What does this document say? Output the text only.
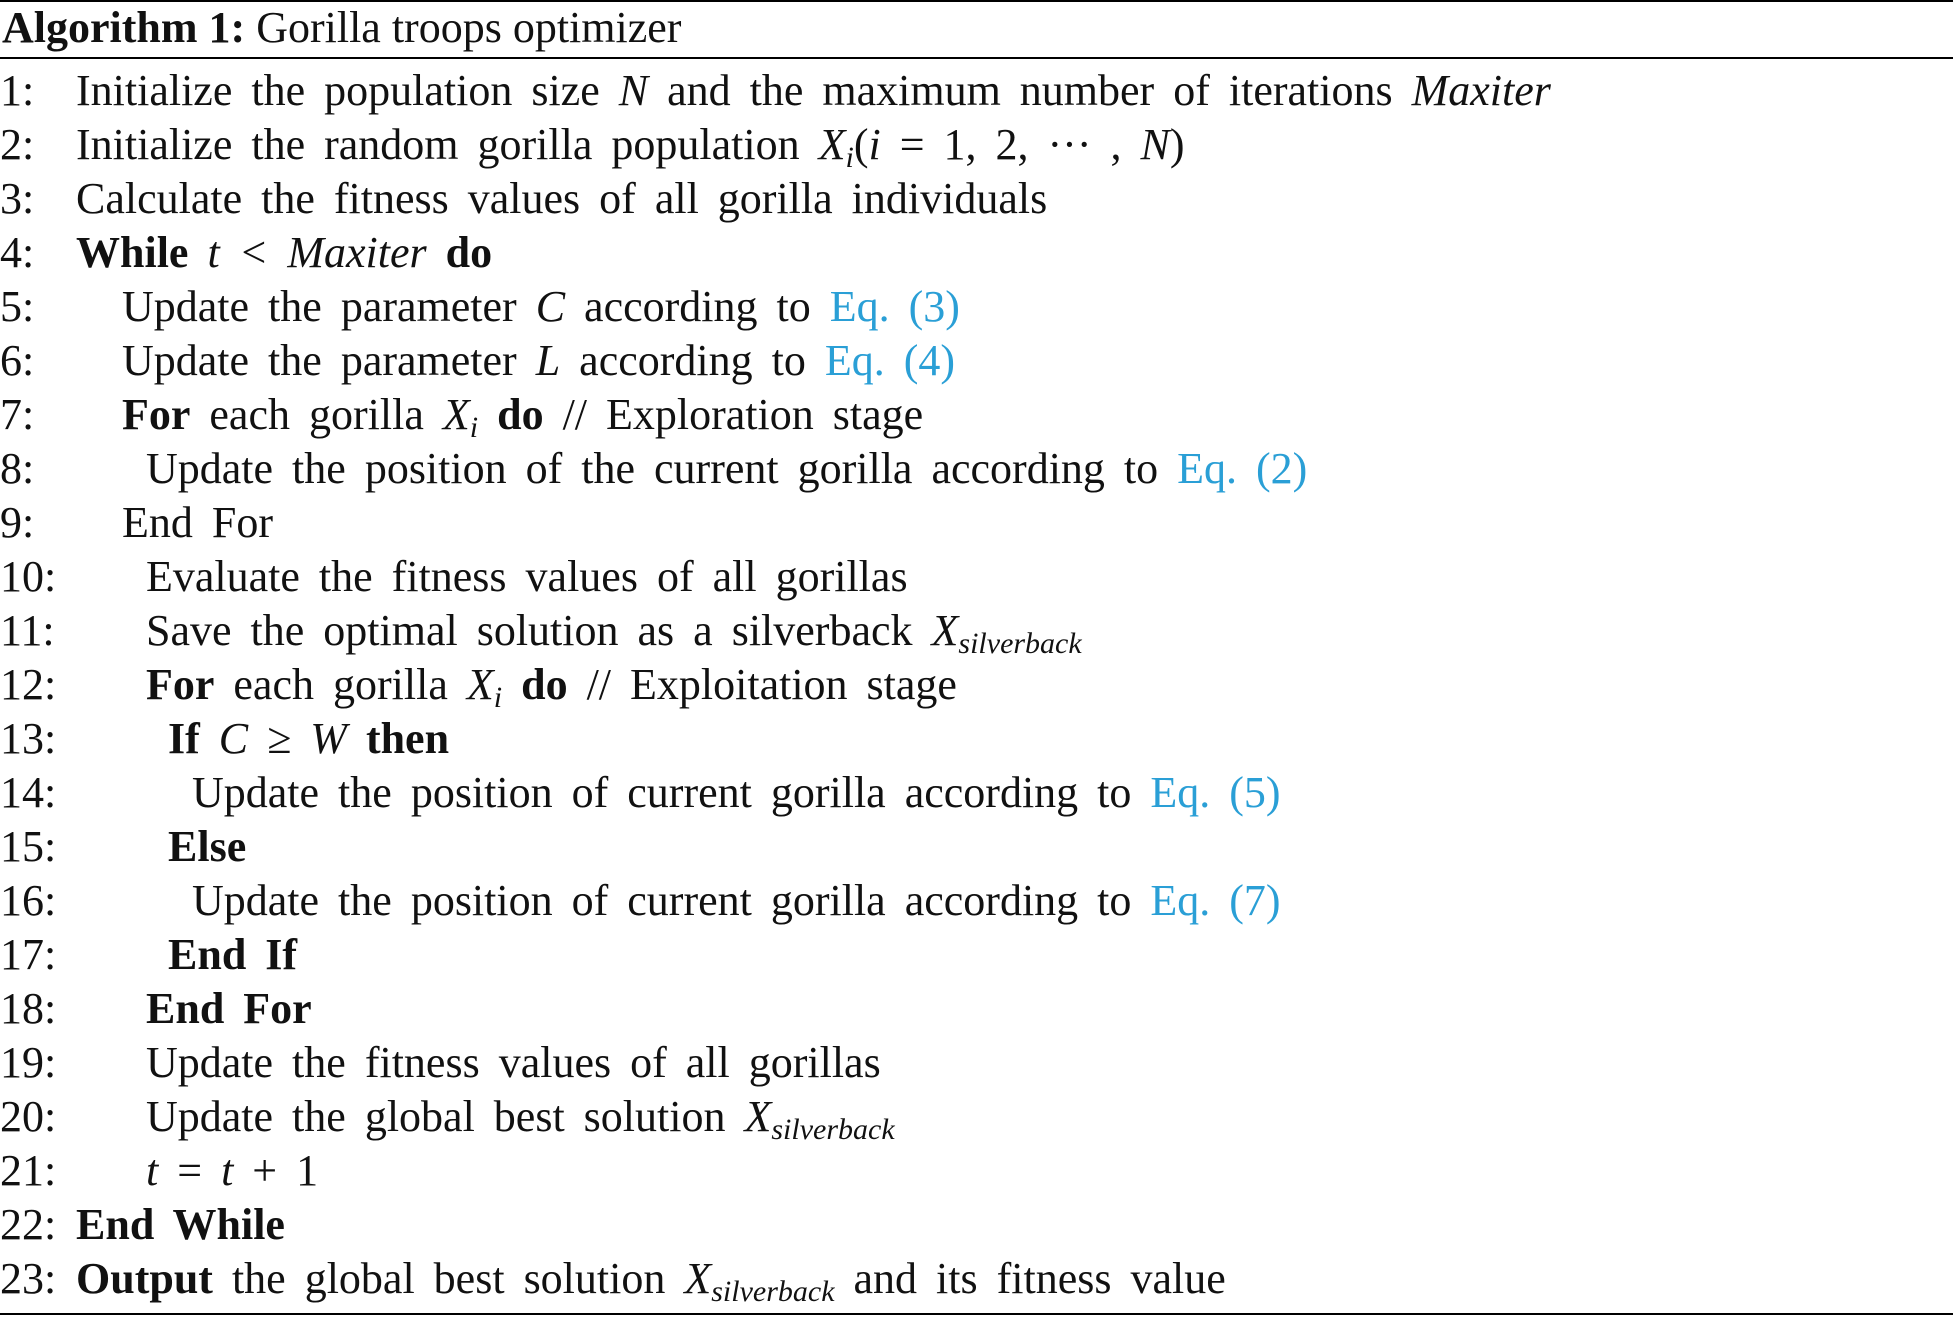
Algorithm 1: Gorilla troops optimizer
1: Initialize the population size N and the maximum number of iterations Maxiter
2: Initialize the random gorilla population $X_i(i = 1$, 2, ··· , N)
3: Calculate the fitness values of all gorilla individuals
4: While t < Maxiter do
5: Update the parameter C according to Eq. (3)
6: Update the parameter L according to Eq. (4)
7: For each gorilla $X_i$ do // Exploration stage
8:	Update the position of the current gorilla according to Eq. (2)
9: End For
10: Evaluate the fitness values of all gorillas
11: Save the optimal solution as a silverback $X_{silverback}$
12: For each gorilla $X_i$ do // Exploitation stage
13:	If C ≥ W then
14:	Update the position of current gorilla according to Eq. (5)
15:	Else
16:	Update the position of current gorilla according to Eq. (7)
17:	End If
18: End For
19: Update the fitness values of all gorillas
20: Update the global best solution $X_{silverback}$
21: t = t + 1
22: End While
23: Output the global best solution $X_{silverback}$ and its fitness value
